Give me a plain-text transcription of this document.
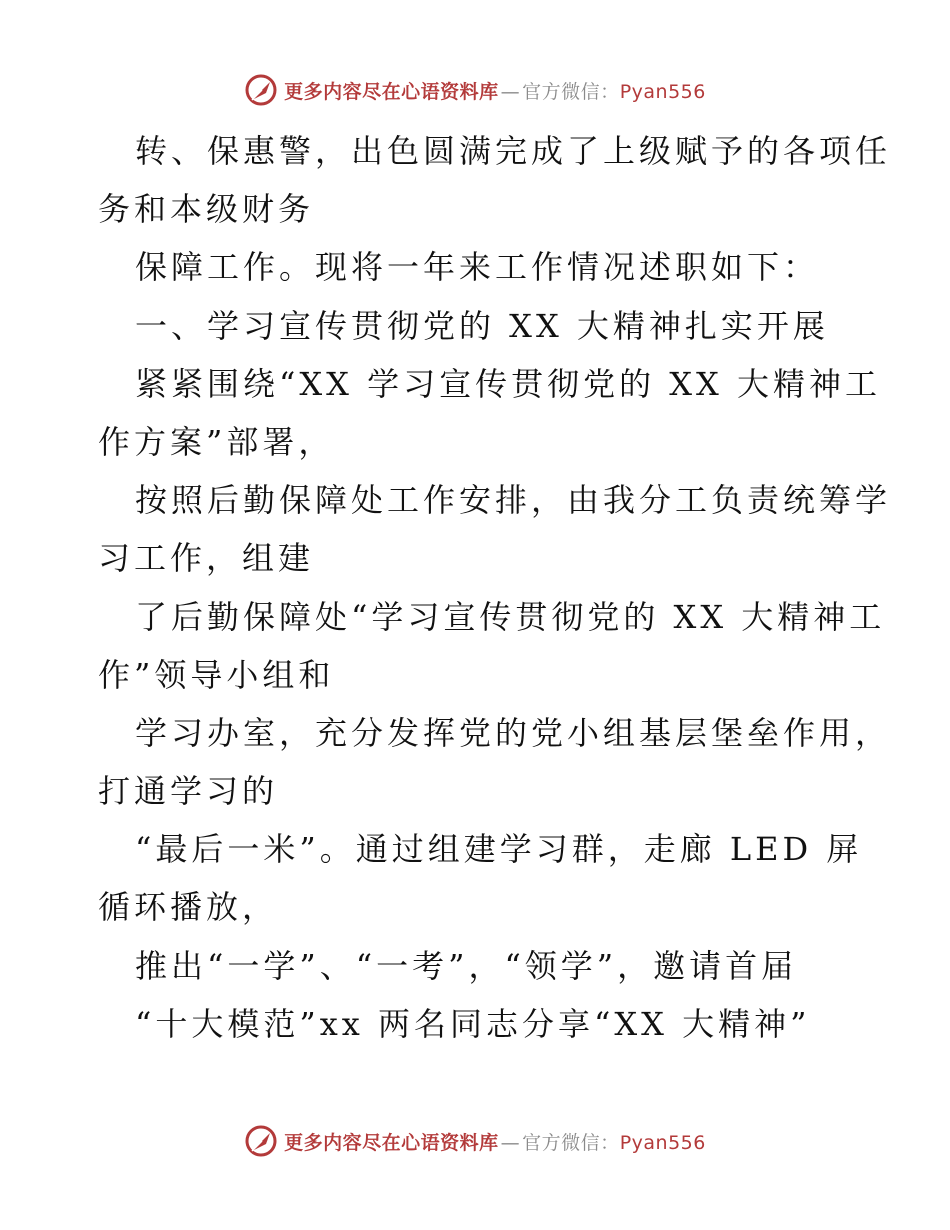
更多内容尽在心语资料库 — 官方微信：Pyan556
转、保惠警，出色圆满完成了上级赋予的各项任
务和本级财务
保障工作。现将一年来工作情况述职如下：
一、学习宣传贯彻党的 XX 大精神扎实开展
紧紧围绕“XX 学习宣传贯彻党的 XX 大精神工
作方案”部署，
按照后勤保障处工作安排，由我分工负责统筹学
习工作，组建
了后勤保障处“学习宣传贯彻党的 XX 大精神工
作”领导小组和
学习办室，充分发挥党的党小组基层堡垒作用，
打通学习的
“最后一米”。通过组建学习群，走廊 LED 屏
循环播放，
推出“一学”、“一考”，“领学”，邀请首届
“十大模范”xx 两名同志分享“XX 大精神”
更多内容尽在心语资料库 — 官方微信：Pyan556
